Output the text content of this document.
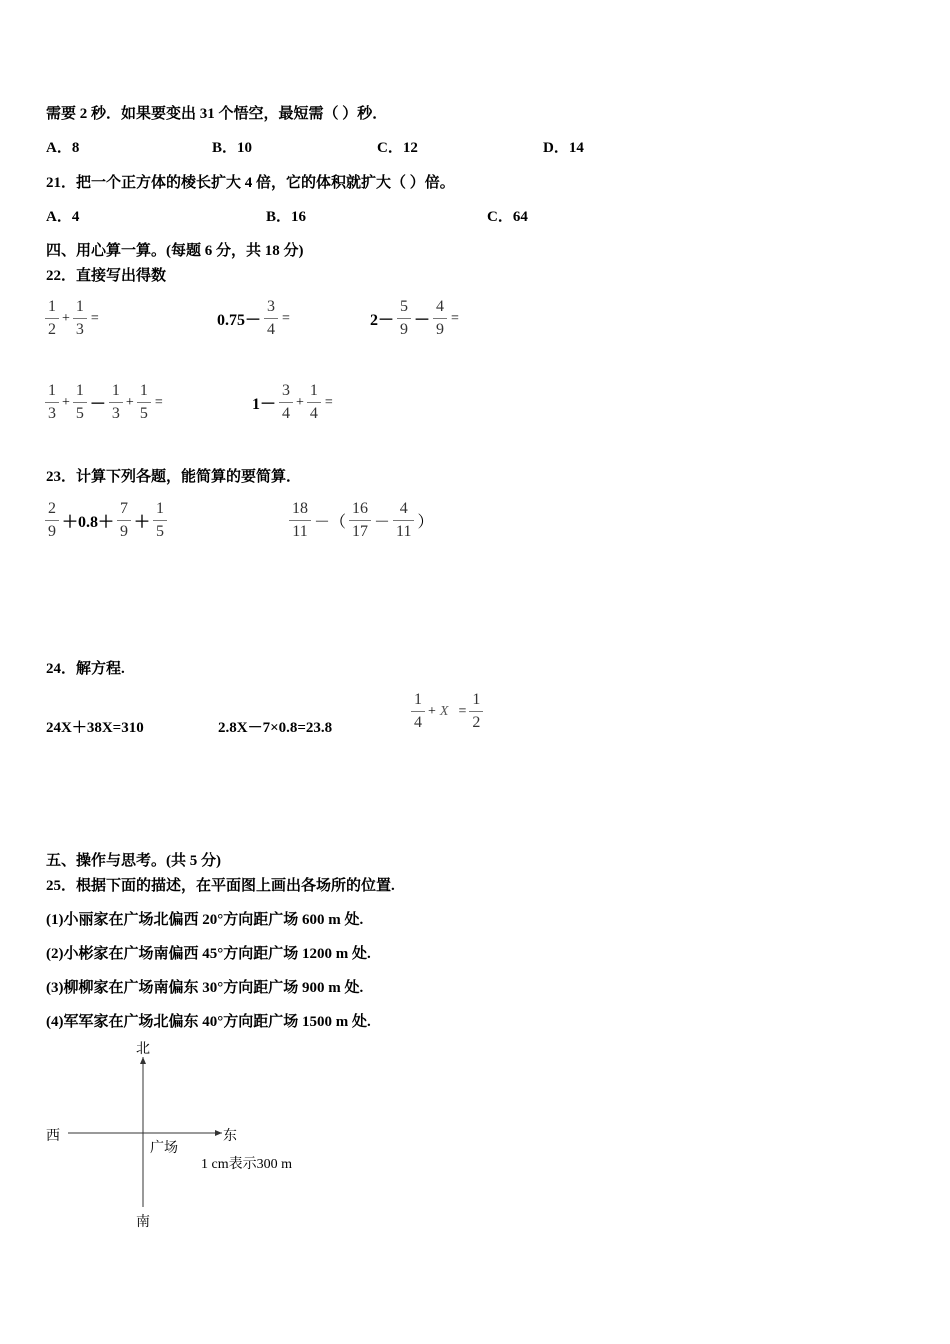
需要 2 秒．如果要变出 31 个悟空，最短需（ ）秒．
A．8	B．10	C．12	D．14
21．把一个正方体的棱长扩大 4 倍，它的体积就扩大（ ）倍。
A．4	B．16	C．64
四、用心算一算。(每题 6 分，共 18 分)
22．直接写出得数
$\frac{1}{2} + \frac{1}{3}$ =	$0.75- \frac{3}{4}$ =	$2- \frac{5}{9} - \frac{4}{9}$ =
$\frac{1}{3} + \frac{1}{5} - \frac{1}{3} + \frac{1}{5}$ =	$1- \frac{3}{4} + \frac{1}{4}$ =
23．计算下列各题，能简算的要简算．
$\frac{2}{9} +0.8+ \frac{7}{9} + \frac{1}{5}$	$\frac{18}{11}$ －（ $\frac{16}{17} - \frac{4}{11}$ ）
24．解方程.
24X＋38X=310	2.8X－7×0.8=23.8	$\frac{1}{4} + X = \frac{1}{2}$
五、操作与思考。(共 5 分)
25．根据下面的描述，在平面图上画出各场所的位置.
(1)小丽家在广场北偏西 20°方向距广场 600 m 处.
(2)小彬家在广场南偏西 45°方向距广场 1200 m 处.
(3)柳柳家在广场南偏东 30°方向距广场 900 m 处.
(4)军军家在广场北偏东 40°方向距广场 1500 m 处.
北
南
西	东
广场
1 cm表示300 m
